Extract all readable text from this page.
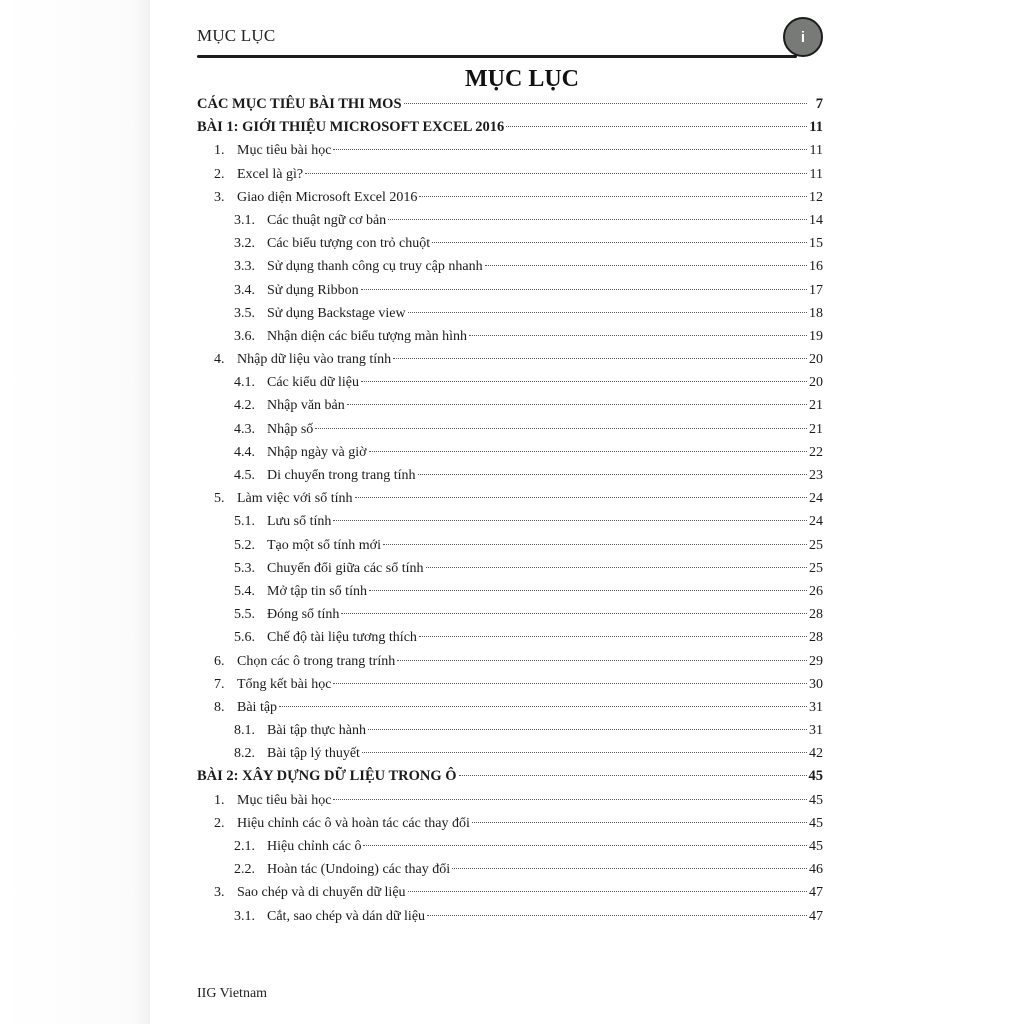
MỤC LỤC	i
MỤC LỤC
CÁC MỤC TIÊU BÀI THI MOS	7
BÀI 1: GIỚI THIỆU MICROSOFT EXCEL 2016	11
1. Mục tiêu bài học	11
2. Excel là gì?	11
3. Giao diện Microsoft Excel 2016	12
3.1. Các thuật ngữ cơ bản	14
3.2. Các biểu tượng con trỏ chuột	15
3.3. Sử dụng thanh công cụ truy cập nhanh	16
3.4. Sử dụng Ribbon	17
3.5. Sử dụng Backstage view	18
3.6. Nhận diện các biểu tượng màn hình	19
4. Nhập dữ liệu vào trang tính	20
4.1. Các kiểu dữ liệu	20
4.2. Nhập văn bản	21
4.3. Nhập số	21
4.4. Nhập ngày và giờ	22
4.5. Di chuyển trong trang tính	23
5. Làm việc với sổ tính	24
5.1. Lưu sổ tính	24
5.2. Tạo một sổ tính mới	25
5.3. Chuyển đổi giữa các sổ tính	25
5.4. Mở tập tin sổ tính	26
5.5. Đóng sổ tính	28
5.6. Chế độ tài liệu tương thích	28
6. Chọn các ô trong trang trính	29
7. Tổng kết bài học	30
8. Bài tập	31
8.1. Bài tập thực hành	31
8.2. Bài tập lý thuyết	42
BÀI 2: XÂY DỰNG DỮ LIỆU TRONG Ô	45
1. Mục tiêu bài học	45
2. Hiệu chỉnh các ô và hoàn tác các thay đổi	45
2.1. Hiệu chỉnh các ô	45
2.2. Hoàn tác (Undoing) các thay đổi	46
3. Sao chép và di chuyển dữ liệu	47
3.1. Cắt, sao chép và dán dữ liệu	47
IIG Vietnam
